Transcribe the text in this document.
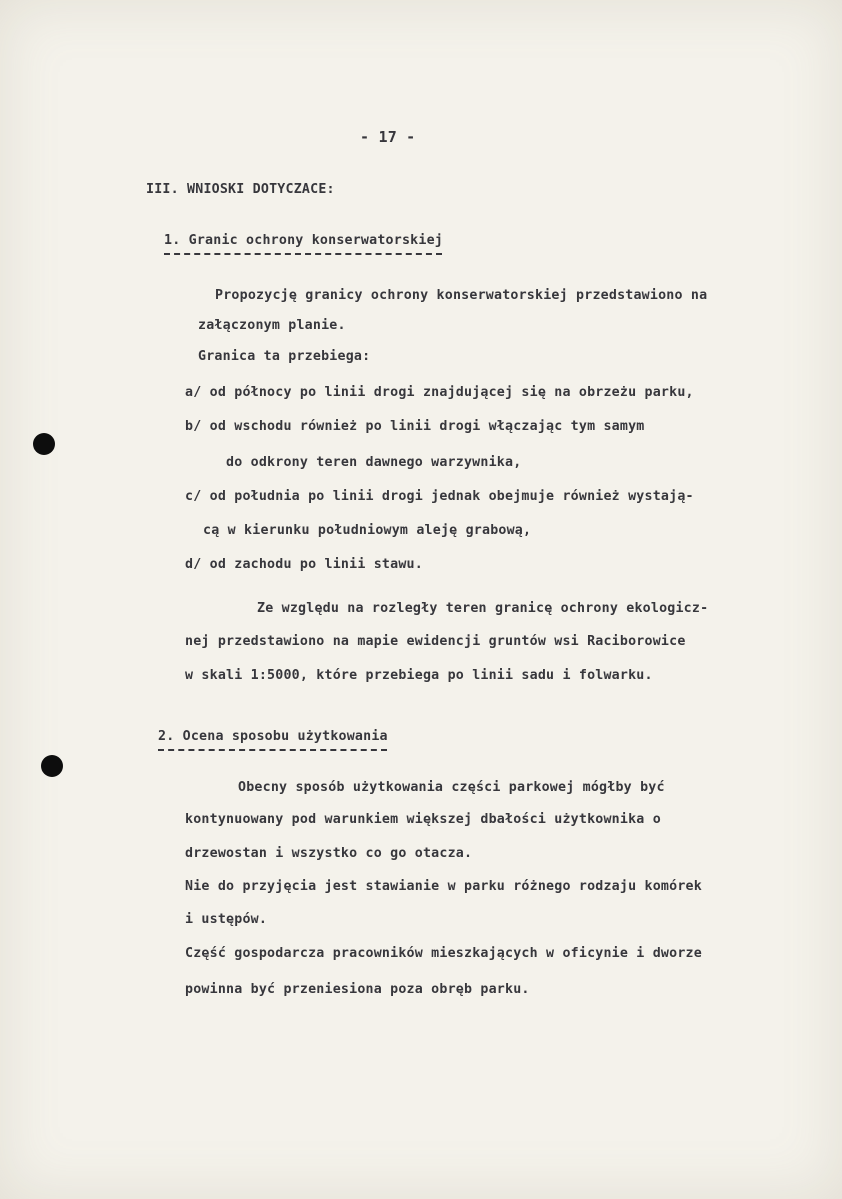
- 17 -
III. WNIOSKI DOTYCZACE:
1. Granic ochrony konserwatorskiej
Propozycję granicy ochrony konserwatorskiej przedstawiono na
załączonym planie.
Granica ta przebiega:
a/ od północy po linii drogi znajdującej się na obrzeżu parku,
b/ od wschodu również po linii drogi włączając tym samym
do odkrony teren dawnego warzywnika,
c/ od południa po linii drogi jednak obejmuje również wystają-
cą w kierunku południowym aleję grabową,
d/ od zachodu po linii stawu.
Ze względu na rozległy teren granicę ochrony ekologicz-
nej przedstawiono na mapie ewidencji gruntów wsi Raciborowice
w skali 1:5000, które przebiega po linii sadu i folwarku.
2. Ocena sposobu użytkowania
Obecny sposób użytkowania części parkowej mógłby być
kontynuowany pod warunkiem większej dbałości użytkownika o
drzewostan i wszystko co go otacza.
Nie do przyjęcia jest stawianie w parku różnego rodzaju komórek
i ustępów.
Część gospodarcza pracowników mieszkających w oficynie i dworze
powinna być przeniesiona poza obręb parku.
